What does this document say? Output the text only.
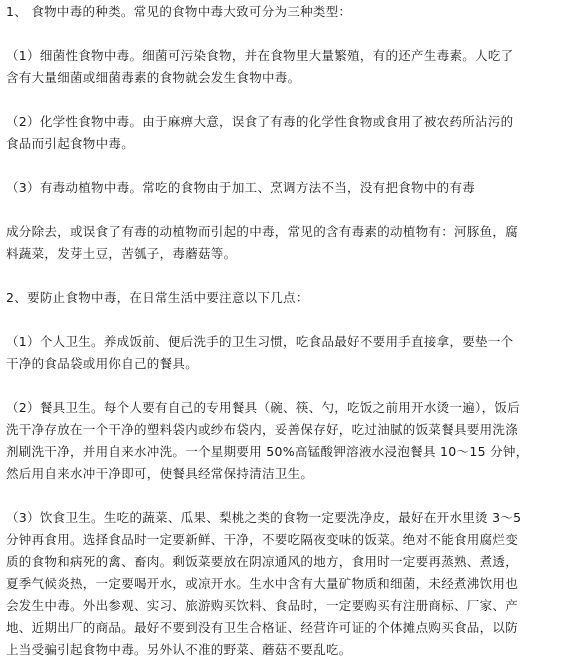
1、 食物中毒的种类。常见的食物中毒大致可分为三种类型：

（1）细菌性食物中毒。细菌可污染食物，并在食物里大量繁殖，有的还产生毒素。人吃了
含有大量细菌或细菌毒素的食物就会发生食物中毒。

（2）化学性食物中毒。由于麻痹大意，误食了有毒的化学性食物或食用了被农药所沾污的
食品而引起食物中毒。

（3）有毒动植物中毒。常吃的食物由于加工、烹调方法不当，没有把食物中的有毒

成分除去，或误食了有毒的动植物而引起的中毒，常见的含有毒素的动植物有：河豚鱼，腐
料蔬菜，发芽土豆，苦瓠子，毒蘑菇等。

2、要防止食物中毒，在日常生活中要注意以下几点：

（1）个人卫生。养成饭前、便后洗手的卫生习惯，吃食品最好不要用手直接拿，要垫一个
干净的食品袋或用你自己的餐具。

（2）餐具卫生。每个人要有自己的专用餐具（碗、筷、勺，吃饭之前用开水烫一遍），饭后
洗干净存放在一个干净的塑料袋内或纱布袋内，妥善保存好，吃过油腻的饭菜餐具要用洗涤
剂刷洗干净，并用自来水冲洗。一个星期要用 50%高锰酸钾溶液水浸泡餐具 10～15 分钟，
然后用自来水冲干净即可，使餐具经常保持清洁卫生。

（3）饮食卫生。生吃的蔬菜、瓜果、梨桃之类的食物一定要洗净皮，最好在开水里烫 3～5
分钟再食用。选择食品时一定要新鲜、干净，不要吃隔夜变味的饭菜。绝对不能食用腐烂变
质的食物和病死的禽、畜肉。剩饭菜要放在阴凉通风的地方，食用时一定要再蒸熟、煮透，
夏季气候炎热，一定要喝开水，或凉开水。生水中含有大量矿物质和细菌，未经煮沸饮用也
会发生中毒。外出参观、实习、旅游购买饮料、食品时，一定要购买有注册商标、厂家、产
地、近期出厂的商品。最好不要到没有卫生合格证、经营许可证的个体摊点购买食品，以防
上当受骗引起食物中毒。另外认不准的野菜、蘑菇不要乱吃。
